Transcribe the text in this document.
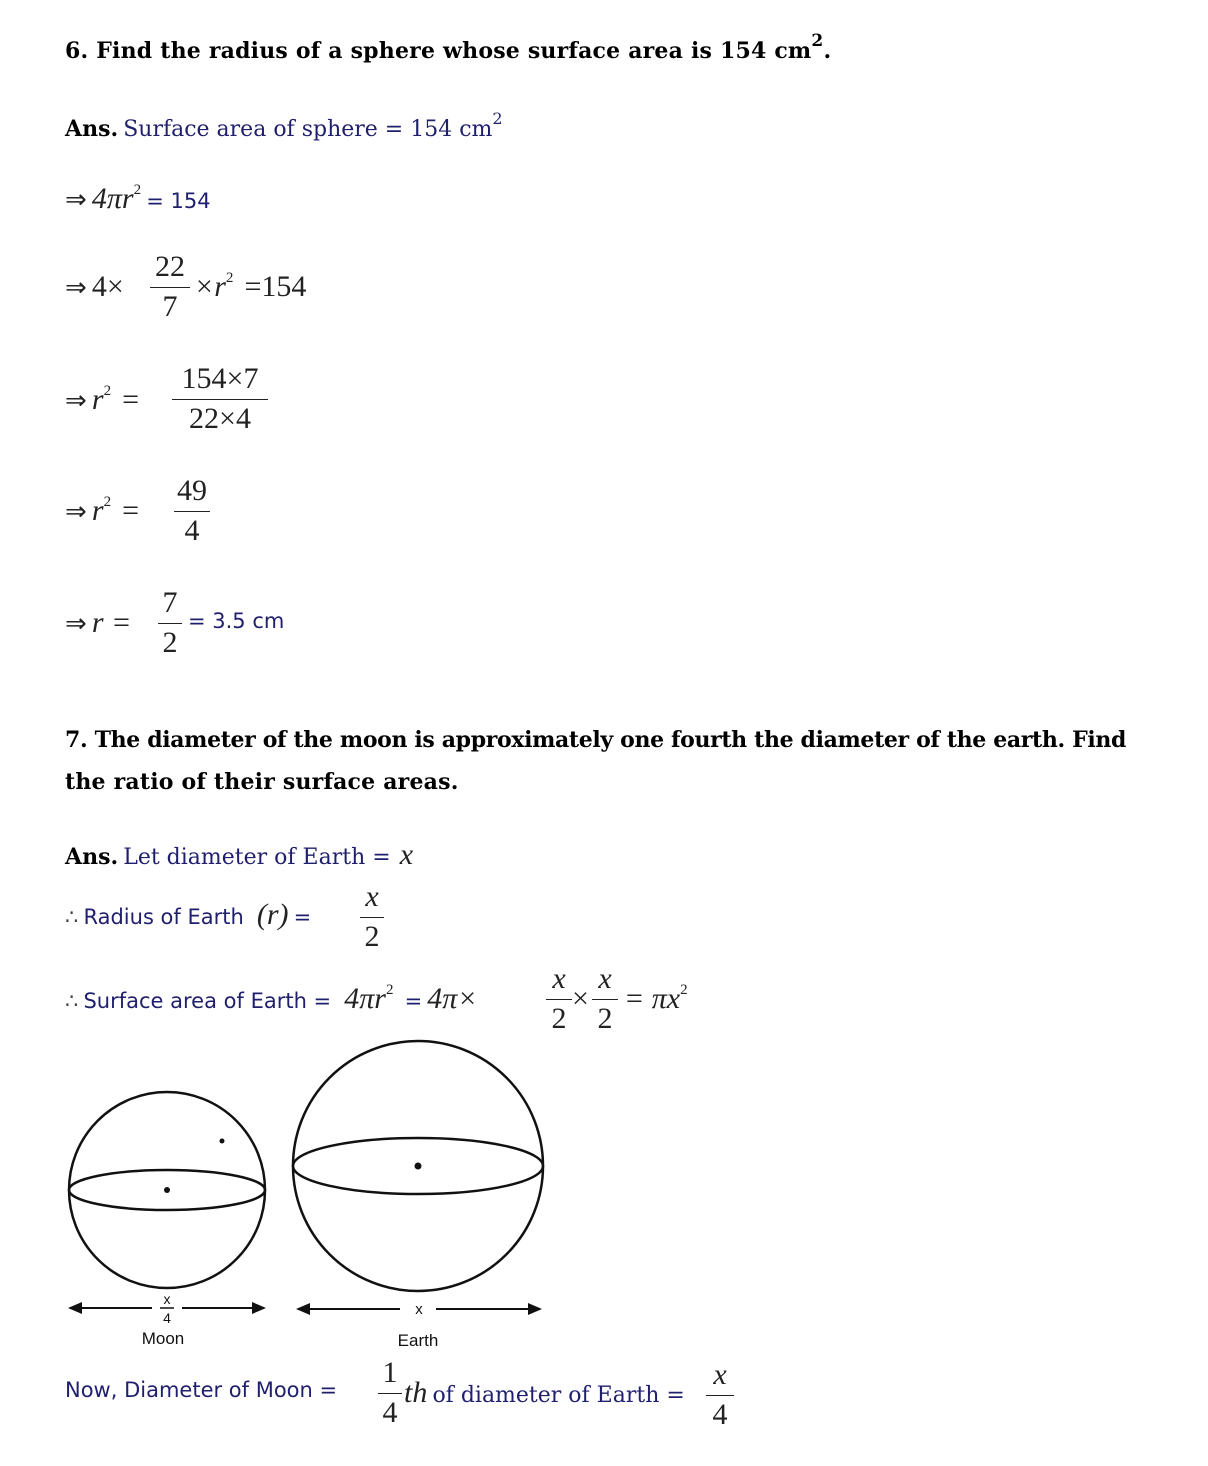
6. Find the radius of a sphere whose surface area is 154 $cm^2$.
Ans. Surface area of sphere = 154 $cm^2$
⇒ $4\pi r^2 = 154$
⇒ 4×
22
7
$\times r^2 =154$
⇒ $r^2$ =
154×7
22×4
⇒ $r^2$ =
49
4
⇒ r =
7
2
= 3.5 cm
7. The diameter of the moon is approximately one fourth the diameter of the earth. Find
the ratio of their surface areas.
Ans. Let diameter of Earth = x
∴ Radius of Earth (r) =
x
2
∴ Surface area of Earth = $4\pi r^2 = 4\pi\times$
x
2
×
x
2
= $\pi x^2$
x
4
Moon
x
Earth
Now, Diameter of Moon =
1
4
th of diameter of Earth =
x
4
